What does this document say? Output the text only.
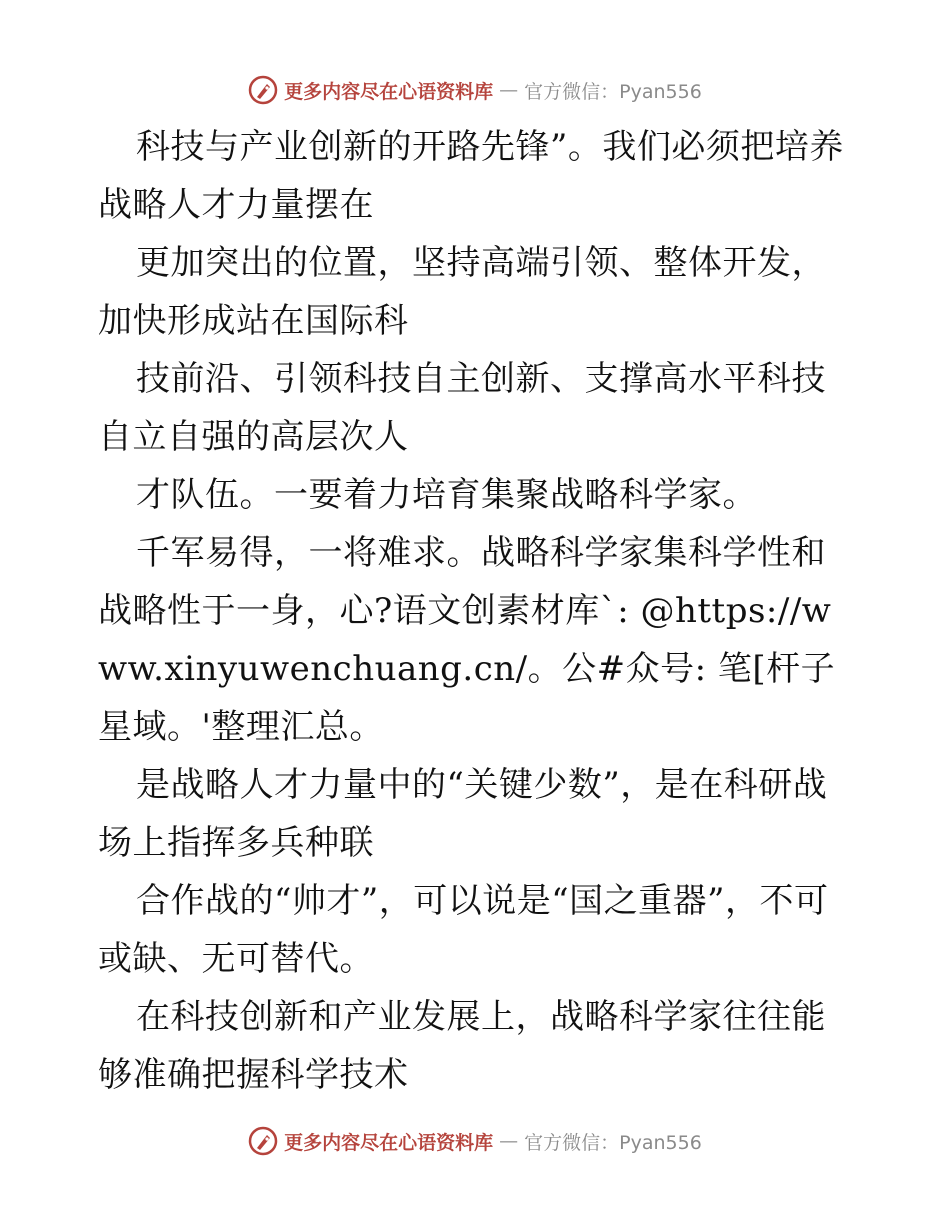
更多内容尽在心语资料库 — 官方微信：Pyan556

科技与产业创新的开路先锋”。我们必须把培养战略人才力量摆在

更加突出的位置，坚持高端引领、整体开发，加快形成站在国际科

技前沿、引领科技自主创新、支撑高水平科技自立自强的高层次人

才队伍。一要着力培育集聚战略科学家。

千军易得，一将难求。战略科学家集科学性和战略性于一身，心?语文创素材库`: @https://www.xinyuwenchuang.cn/。公#众号: 笔[杆子星域。'整理汇总。

是战略人才力量中的“关键少数”，是在科研战场上指挥多兵种联

合作战的“帅才”，可以说是“国之重器”，不可或缺、无可替代。

在科技创新和产业发展上，战略科学家往往能够准确把握科学技术

更多内容尽在心语资料库 — 官方微信：Pyan556
